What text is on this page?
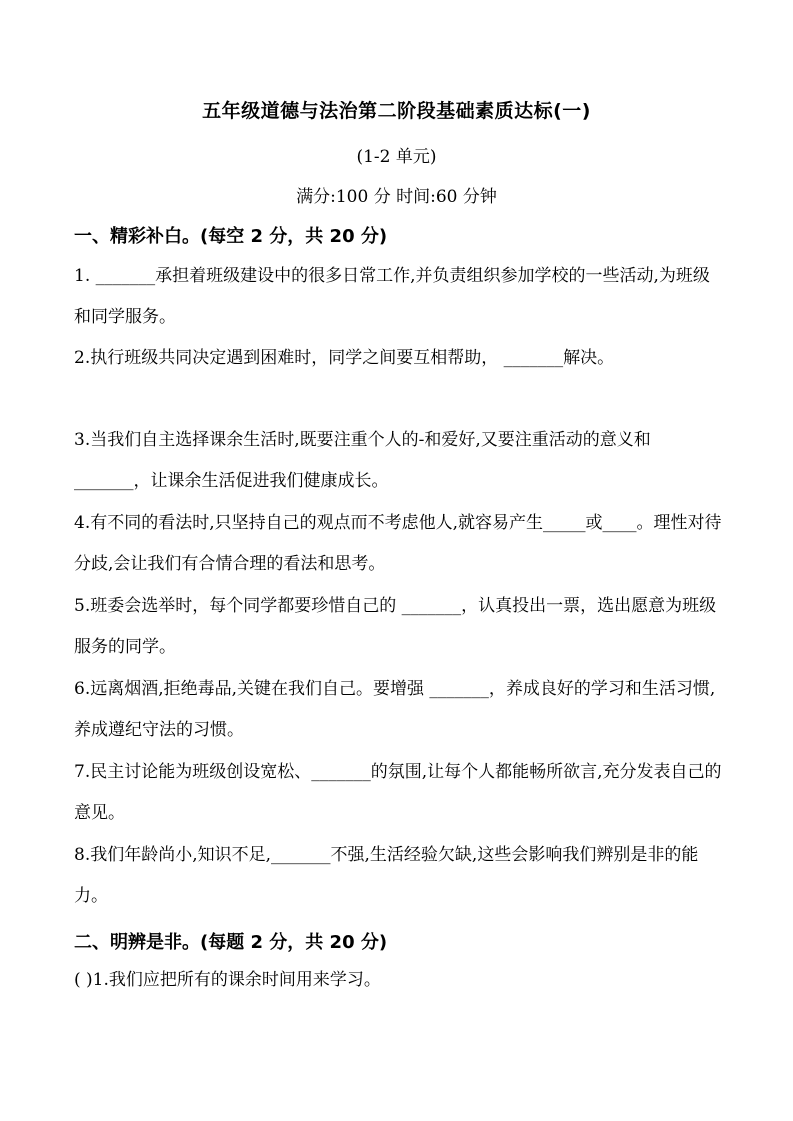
五年级道德与法治第二阶段基础素质达标(一)
(1-2 单元)
满分:100 分 时间:60 分钟
一、精彩补白。(每空 2 分，共 20 分)
1. _______承担着班级建设中的很多日常工作,并负责组织参加学校的一些活动,为班级和同学服务。
2.执行班级共同决定遇到困难时，同学之间要互相帮助， _______解决。
3.当我们自主选择课余生活时,既要注重个人的-和爱好,又要注重活动的意义和_______，让课余生活促进我们健康成长。
4.有不同的看法时,只坚持自己的观点而不考虑他人,就容易产生_____或____。理性对待分歧,会让我们有合情合理的看法和思考。
5.班委会选举时，每个同学都要珍惜自己的 _______，认真投出一票，选出愿意为班级服务的同学。
6.远离烟酒,拒绝毒品,关键在我们自己。要增强 _______，养成良好的学习和生活习惯,养成遵纪守法的习惯。
7.民主讨论能为班级创设宽松、_______的氛围,让每个人都能畅所欲言,充分发表自己的意见。
8.我们年龄尚小,知识不足,_______不强,生活经验欠缺,这些会影响我们辨别是非的能力。
二、明辨是非。(每题 2 分，共 20 分)
( )1.我们应把所有的课余时间用来学习。
